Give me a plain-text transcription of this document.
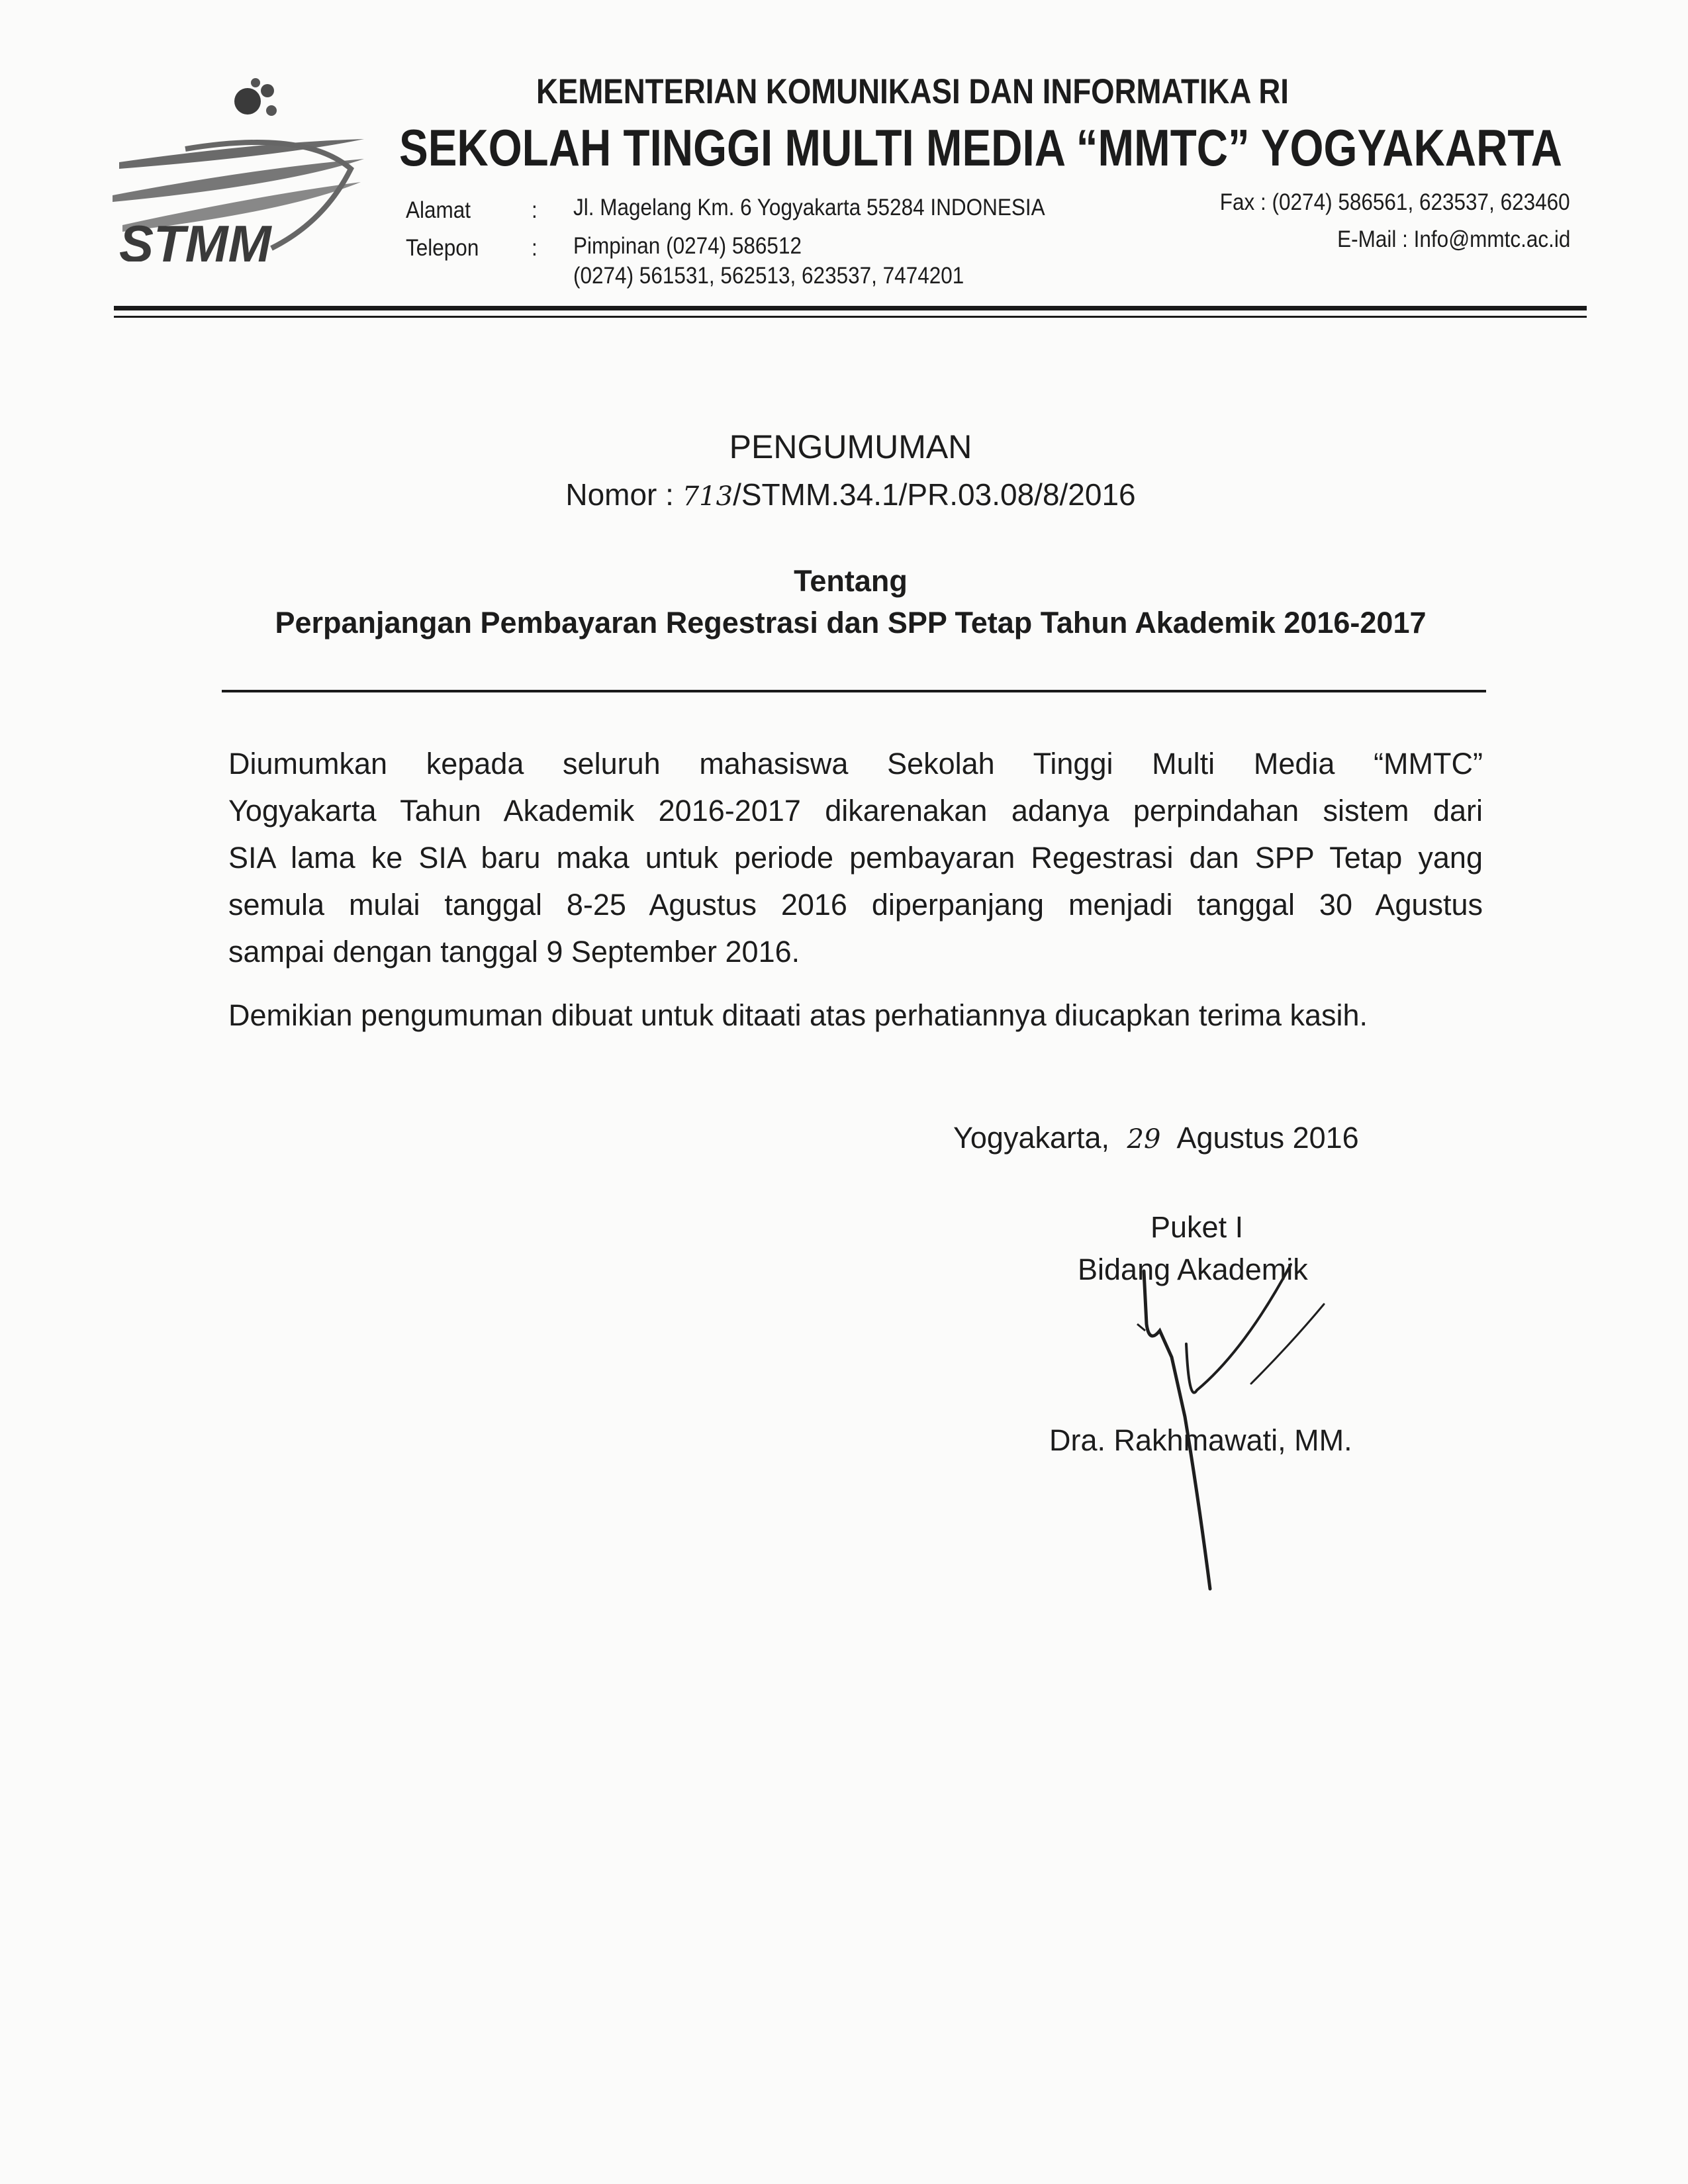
STMM
KEMENTERIAN KOMUNIKASI DAN INFORMATIKA RI
SEKOLAH TINGGI MULTI MEDIA “MMTC” YOGYAKARTA
Alamat	: Jl. Magelang Km. 6 Yogyakarta 55284 INDONESIA
Telepon : Pimpinan (0274) 586512
(0274) 561531, 562513, 623537, 7474201
Fax : (0274) 586561, 623537, 623460
E-Mail : Info@mmtc.ac.id
PENGUMUMAN
Nomor : 713/STMM.34.1/PR.03.08/8/2016
Tentang
Perpanjangan Pembayaran Regestrasi dan SPP Tetap Tahun Akademik 2016-2017
Diumumkan kepada seluruh mahasiswa Sekolah Tinggi Multi Media “MMTC”
Yogyakarta Tahun Akademik 2016-2017 dikarenakan adanya perpindahan sistem dari
SIA lama ke SIA baru maka untuk periode pembayaran Regestrasi dan SPP Tetap yang
semula mulai tanggal 8-25 Agustus 2016 diperpanjang menjadi tanggal 30 Agustus
sampai dengan tanggal 9 September 2016.
Demikian pengumuman dibuat untuk ditaati atas perhatiannya diucapkan terima kasih.
Yogyakarta, 29 Agustus 2016
Puket I
Bidang Akademik
Dra. Rakhmawati, MM.
